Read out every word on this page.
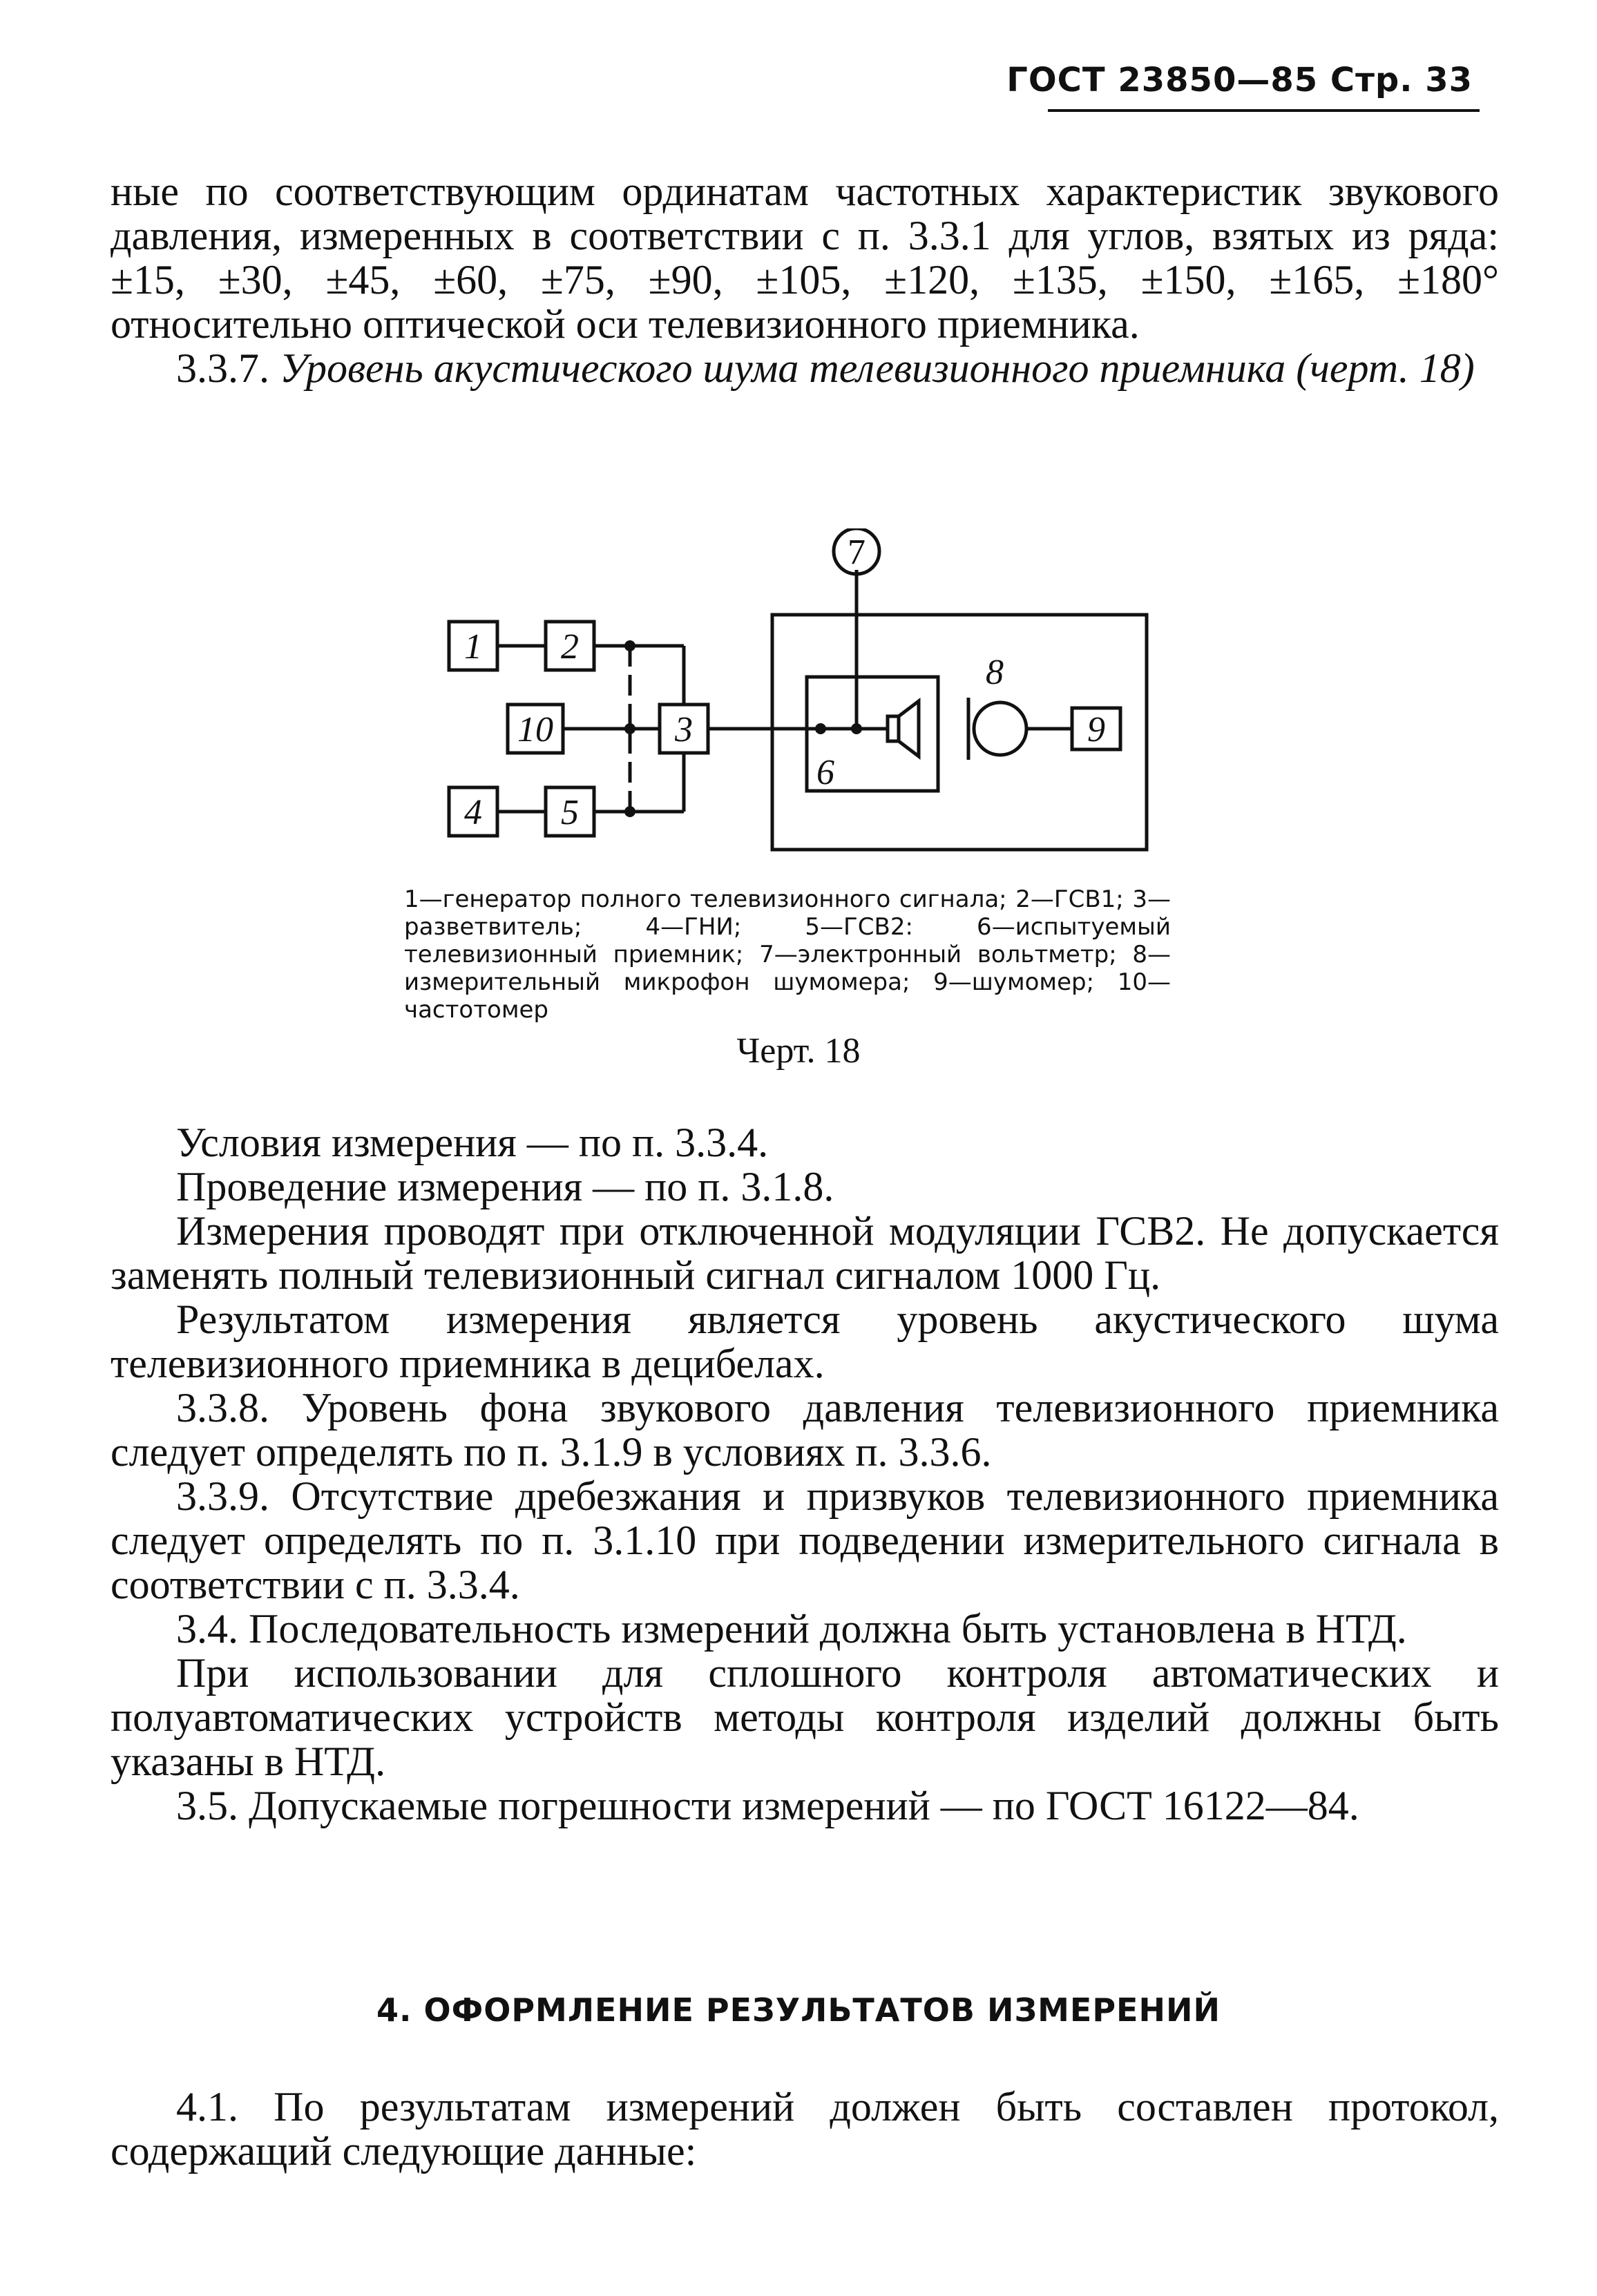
ГОСТ 23850—85 Стр. 33

ные по соответствующим ординатам частотных характеристик звукового давления, измеренных в соответствии с п. 3.3.1 для углов, взятых из ряда: ±15, ±30, ±45, ±60, ±75, ±90, ±105, ±120, ±135, ±150, ±165, ±180° относительно оптической оси телевизионного приемника.

3.3.7. Уровень акустического шума телевизионного приемника (черт. 18)

1 2
3
4 5
6
7
8
9
10
1—генератор полного телевизионного сигнала; 2—ГСВ1; 3—разветвитель; 4—ГНИ; 5—ГСВ2: 6—испытуемый телевизионный приемник; 7—электронный вольтметр; 8—измерительный микрофон шумомера; 9—шумомер; 10—частотомер
Черт. 18

Условия измерения — по п. 3.3.4.

Проведение измерения — по п. 3.1.8.

Измерения проводят при отключенной модуляции ГСВ2. Не допускается заменять полный телевизионный сигнал сигналом 1000 Гц.

Результатом измерения является уровень акустического шума телевизионного приемника в децибелах.

3.3.8. Уровень фона звукового давления телевизионного приемника следует определять по п. 3.1.9 в условиях п. 3.3.6.

3.3.9. Отсутствие дребезжания и призвуков телевизионного приемника следует определять по п. 3.1.10 при подведении измерительного сигнала в соответствии с п. 3.3.4.

3.4. Последовательность измерений должна быть установлена в НТД.

При использовании для сплошного контроля автоматических и полуавтоматических устройств методы контроля изделий должны быть указаны в НТД.

3.5. Допускаемые погрешности измерений — по ГОСТ 16122—84.

4. ОФОРМЛЕНИЕ РЕЗУЛЬТАТОВ ИЗМЕРЕНИЙ

4.1. По результатам измерений должен быть составлен протокол, содержащий следующие данные:
